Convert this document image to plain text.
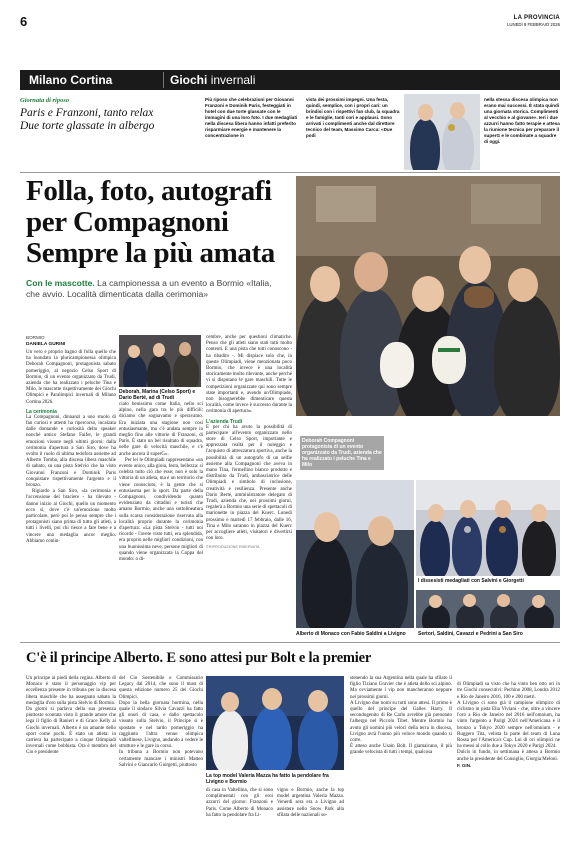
6	LA PROVINCIA
LUNEDÌ 9 FEBBRAIO 2026
Milano Cortina	Giochi invernali
Giornata di riposo
Paris e Franzoni, tanto relax
Due torte glassate in albergo
Più riposo che celebrazioni per Giovanni Franzoni e Dominik Paris, festeggiati in hotel con due torte glassate con le immagini di una loro foto. I due medagliati nella discesa libera hanno infatti preferito risparmiare energie e mantenere la concentrazione in
vista dei prossimi impegni. Una festa, quindi, semplice, con i propri cari: un brindisi con i rispettivi fan club, la squadra e le famiglie, tanti cori e applausi. Sono arrivati i complimenti anche dal direttore tecnico del team, Massimo Carca: «Due podi
nella stessa discesa olimpica non erano mai successi. È stata quindi una giornata storica. Complimenti al vecchio e al giovane». Ieri i due azzurri hanno fatto terapie e attesa la riunione tecnica per preparare il superG e le combinate a squadre di oggi.
Folla, foto, autografi
per Compagnoni
Sempre la più amata
Con le mascotte. La campionessa a un evento a Bormio «Italia, che avvio. Località dimenticata dalla cerimonia»
Deborah Compagnoni protagonista di un evento organizzato da Trudi, azienda che ha realizzato i peluche Tina e Milo
BORMIO
DANIELA GURINI
Un vero e proprio bagno di folla quello che ha inondato la pluricampionessa olimpica Deborah Compagnoni, protagonista sabato pomeriggio, al negozio Celso Sport di Bormio, di un evento organizzato da Trudi, azienda che ha realizzato i peluche Tina e Milo, le mascotte rispettivamente dei Giochi Olimpici e Paralimpici invernali di Milano Cortina 2026.
La cerimonia
La Compagnoni, dinnanzi a uno stuolo di fan curiosi e attenti ha ripercorso, incalzata dalle domande e curiosità dello speaker nonché amico Stefano Faifer, le grandi emozioni vissute negli ultimi giorni: dalla cerimonia d'apertura a San Siro, dove ha svolto il ruolo di ultima tedofora assieme ad Alberto Tomba, alla discesa libera maschile di sabato, su una pista Stelvio che ha visto Giovanni Franzoni e Dominik Paris conquistare rispettivamente l'argento e il bronzo.
Rigiardo a San Siro, «la cerimonia e l'accensione del braciere - ha rilevato - danno inizio ai Giochi, quello un momento ecco sì, dove c'è un'emozione molto particolare, però poi le penso sempre che i protagonisti siano prima di tutto gli atleti, a tutti i livelli, poi chi riesce a fare bene e a vincere una medaglia ancor meglio. Abbiamo comin-
Deborah, Marina (Celso Sport) e Dario Berté, ad di Trudi
ciato benissimo come Italia, nello sci alpino, nella gara tra le più difficili: diciamo che sognavamo e speravamo. Era iniziata una stagione non così entusiasmante, ma c'è andata sempre in meglio fino alle vittorie di Franzoni, di Paris. È stato un bel risultato di squadra, nelle gare di velocità maschile, e c'è anche ancora il superG».
Per lei le Olimpiadi rappresentano «un evento unico, alla gioia, festa, bellezza: si celebra tutto ciò che esse; non è solo la vittoria di un atleta, ma è un territorio che viene conosciuto, è la gente che si entusiasma per lo sport. Da parte della Compagnoni, condividendo quanto evidenziato da cittadini e turisti che amano Bormio, anche una sottolineatura sulla scarsa considerazione riservata alla località proprio durante la cerimonia d'apertura: «La pista Stelvio - tutti noi ricordo - l'avete visto tutti, era splendida, era proprio nelle migliori condizioni, con una buonissima neve, persone migliori di quando viene organizzata la Coppa del mondo: o di-
cembre, anche per questioni climatiche. Penso che gli atleti siano stati tutti molto contenti. E una pista che tutti conoscono - ha ribadito -. Mi dispiace solo che, in queste Olimpiadi, viene menzionata poco Bormio, che invece è una località storicamente molto rilevante, anche perché vi si disputano le gare maschili. Tutte le competizioni organizzate qui sono sempre state importanti e, avendo un'Olimpiade, non bisognerebbe dimenticare questa località, come invece è successo durante la cerimonia di apertura».
L'azienda Trudi
E per chi ha avuto la possibilità di partecipare all'evento organizzato nello store di Celso Sport, importante e apprezzata realtà per il noleggio e l'acquisto di attrezzatura sportiva, anche la possibilità di un autografo di un selfie assieme alla Compagnoni che aveva in mano Tina, l'ermellino bianco prodotto e distribuito da Trudi, ambasciatrice delle Olimpiadi e simbolo di inclusione, creatività e resilienza. Presente anche Dario Berté, amministratore delegato di Trudi, azienda che, nei prossimi giorni, regalerà a Bormio una serie di spettacoli di marionette in piazza del Kuerc. Lunedì prossimo e martedì 17 febbraio, dalle 16, Tina e Milo saranno in piazza del Kuerc per accogliere atleti, visitatori e divertirsi con loro.
©RIPRODUZIONE RISERVATA
I dissesisti medagliati con Salvini e Giorgetti
Alberto di Monaco con Fabio Saldini a Livigno	Sertori, Saldini, Cavazzi e Pedrini a San Siro
C'è il principe Alberto. E sono attesi pur Bolt e la premier
Un principe ai piedi della regina. Alberto di Monaco è stato il personaggio vip per eccellenza presente in tribuna per la discesa libera maschile che ha assegnato sabato la medaglia d'oro sulla pista Stelvio di Bormio.
Da giorni si parlava della sua presenza piuttosto scontata visto il grande amore che lega il figlio di Ranieri e di Grace Kelly ai Giochi invernali. Alberto è un amante dello sport come pochi. È stato un atleta: in carriera ha partecipato a cinque Olimpiadi invernali come bobbista. Ora è membro del Cio e presidente
del Cio Sostenibile e Commissario Legacy dal 2014, che sono il must di questa edizione numero 25 dei Giochi Olimpici.
Dopo la bella giornata bormina, nella quale il sindaco Silvia Cavazzi ha fatto gli onori di casa, e dallo spettacolo vissuto sulla Stelvio, il Principe si è spostato e nel tardo pomeriggio ha raggiunto l'altra venue olimpica valtellinese, Livigno, andando a vedere le strutture e le gare in corso.
In tribuna a Bormio non potevano certamente mancare i ministri Matteo Salvini e Giancarlo Giorgetti, piuttosto
La top model Valeria Mazza ha fatto la pendolare fra Livigno e Bormio
di casa in Valtellina, che si sono complimentati con gli eroi azzurri del giorno: Franzoni e Paris. Come Alberto di Monaco ha fatto la pendolare fra Li-
vigno e Bormio, anche la top model argentina Valeria Mazza. Venerdì sera era a Livigno ad assistere nello Snow Park alla sfilata delle nazionali so-
stenendo la sua Argentina nella quale ha sfilato il figlio Tiziano Gravier che è atleta dello sci alpino. Ma ovviamente i vip non mancheranno neppure nei prossimi giorni.
A Livigno due nomi su tutti sono attesi. Il primo è quello del principe del Galles Harry. Il secondogenito di Re Carlo avrebbe già prenotato l'albergo nel Piccolo Tibet. Mentre Bormio ha avuto gli uomini più veloci della terra in discesa, Livigno avrà l'uomo più veloce mondo quando si corre.
È atteso anche Usain Bolt. Il giamaicano, il più grande velocista di tutti i tempi, qualcosa

di Olimpiadi sa visto che ha vinto ben otto ori in tre Giochi consecutivi: Pechino 2008, Londra 2012 e Rio de Janeiro 2016, 100 e 200 metri.
A Livigno ci sono già il campione olimpico di ciclismo in pista Elia Viviani - che, oltre a vincere l'oro a Rio de Janeiro nel 2016 nell'omnium, ha vinto l'argento a Parigi 2024 nell'Americana e il bronzo a Tokyo 2020 sempre nell'omnium - e Ruggero Tita, velista fa parte del team di Luna Rossa per l'America's Cup. Lui di ori olimpici ne ha messi al collo due a Tokyo 2020 e Parigi 2024.
Dulcis in fundo, in settimana è attesa a Bormio anche la presidente del Consiglio, Giorgia Meloni.
F. GIN.
